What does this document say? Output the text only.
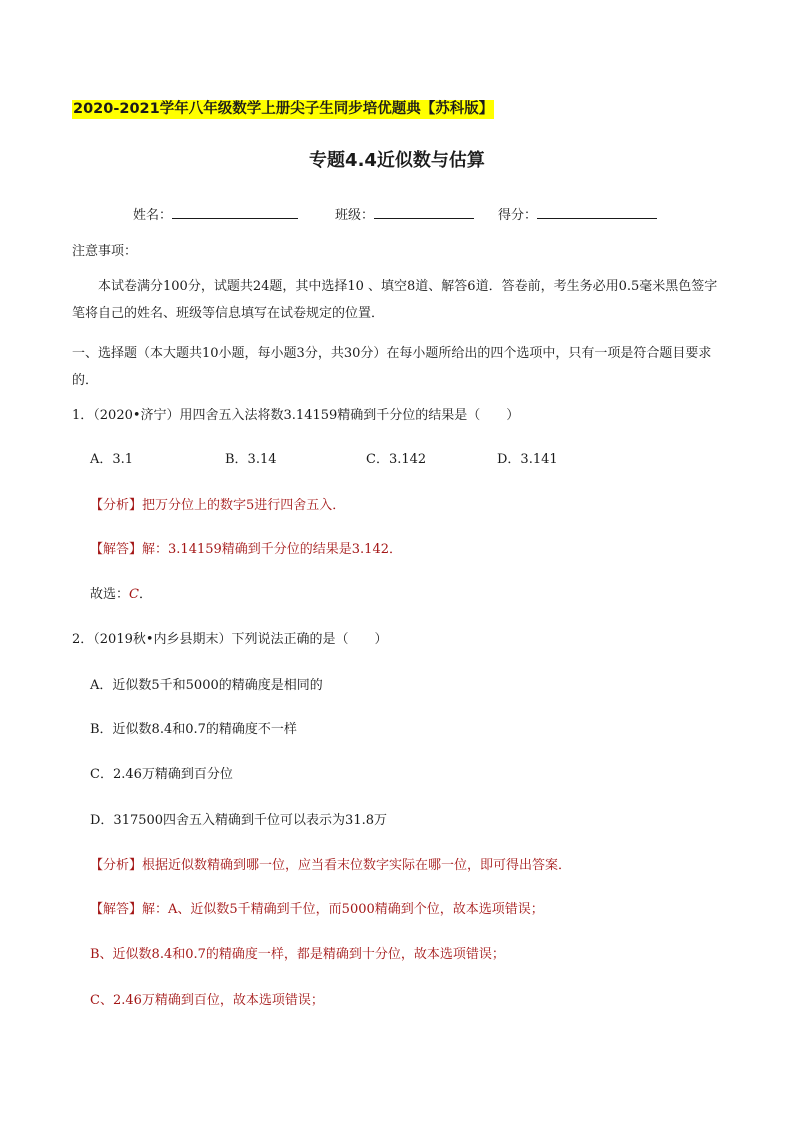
2020-2021学年八年级数学上册尖子生同步培优题典【苏科版】
专题4.4近似数与估算
姓名：	班级：	得分：
注意事项：
本试卷满分100分，试题共24题，其中选择10 、填空8道、解答6道．答卷前，考生务必用0.5毫米黑色签字笔将自己的姓名、班级等信息填写在试卷规定的位置．
一、选择题（本大题共10小题，每小题3分，共30分）在每小题所给出的四个选项中，只有一项是符合题目要求的．
1．（2020•济宁）用四舍五入法将数3.14159精确到千分位的结果是（　　）
A．3.1	B．3.14	C．3.142	D．3.141
【分析】把万分位上的数字5进行四舍五入．
【解答】解：3.14159精确到千分位的结果是3.142．
故选：C．
2．（2019秋•内乡县期末）下列说法正确的是（　　）
A．近似数5千和5000的精确度是相同的
B．近似数8.4和0.7的精确度不一样
C．2.46万精确到百分位
D．317500四舍五入精确到千位可以表示为31.8万
【分析】根据近似数精确到哪一位，应当看末位数字实际在哪一位，即可得出答案．
【解答】解：A、近似数5千精确到千位，而5000精确到个位，故本选项错误；
B、近似数8.4和0.7的精确度一样，都是精确到十分位，故本选项错误；
C、2.46万精确到百位，故本选项错误；
